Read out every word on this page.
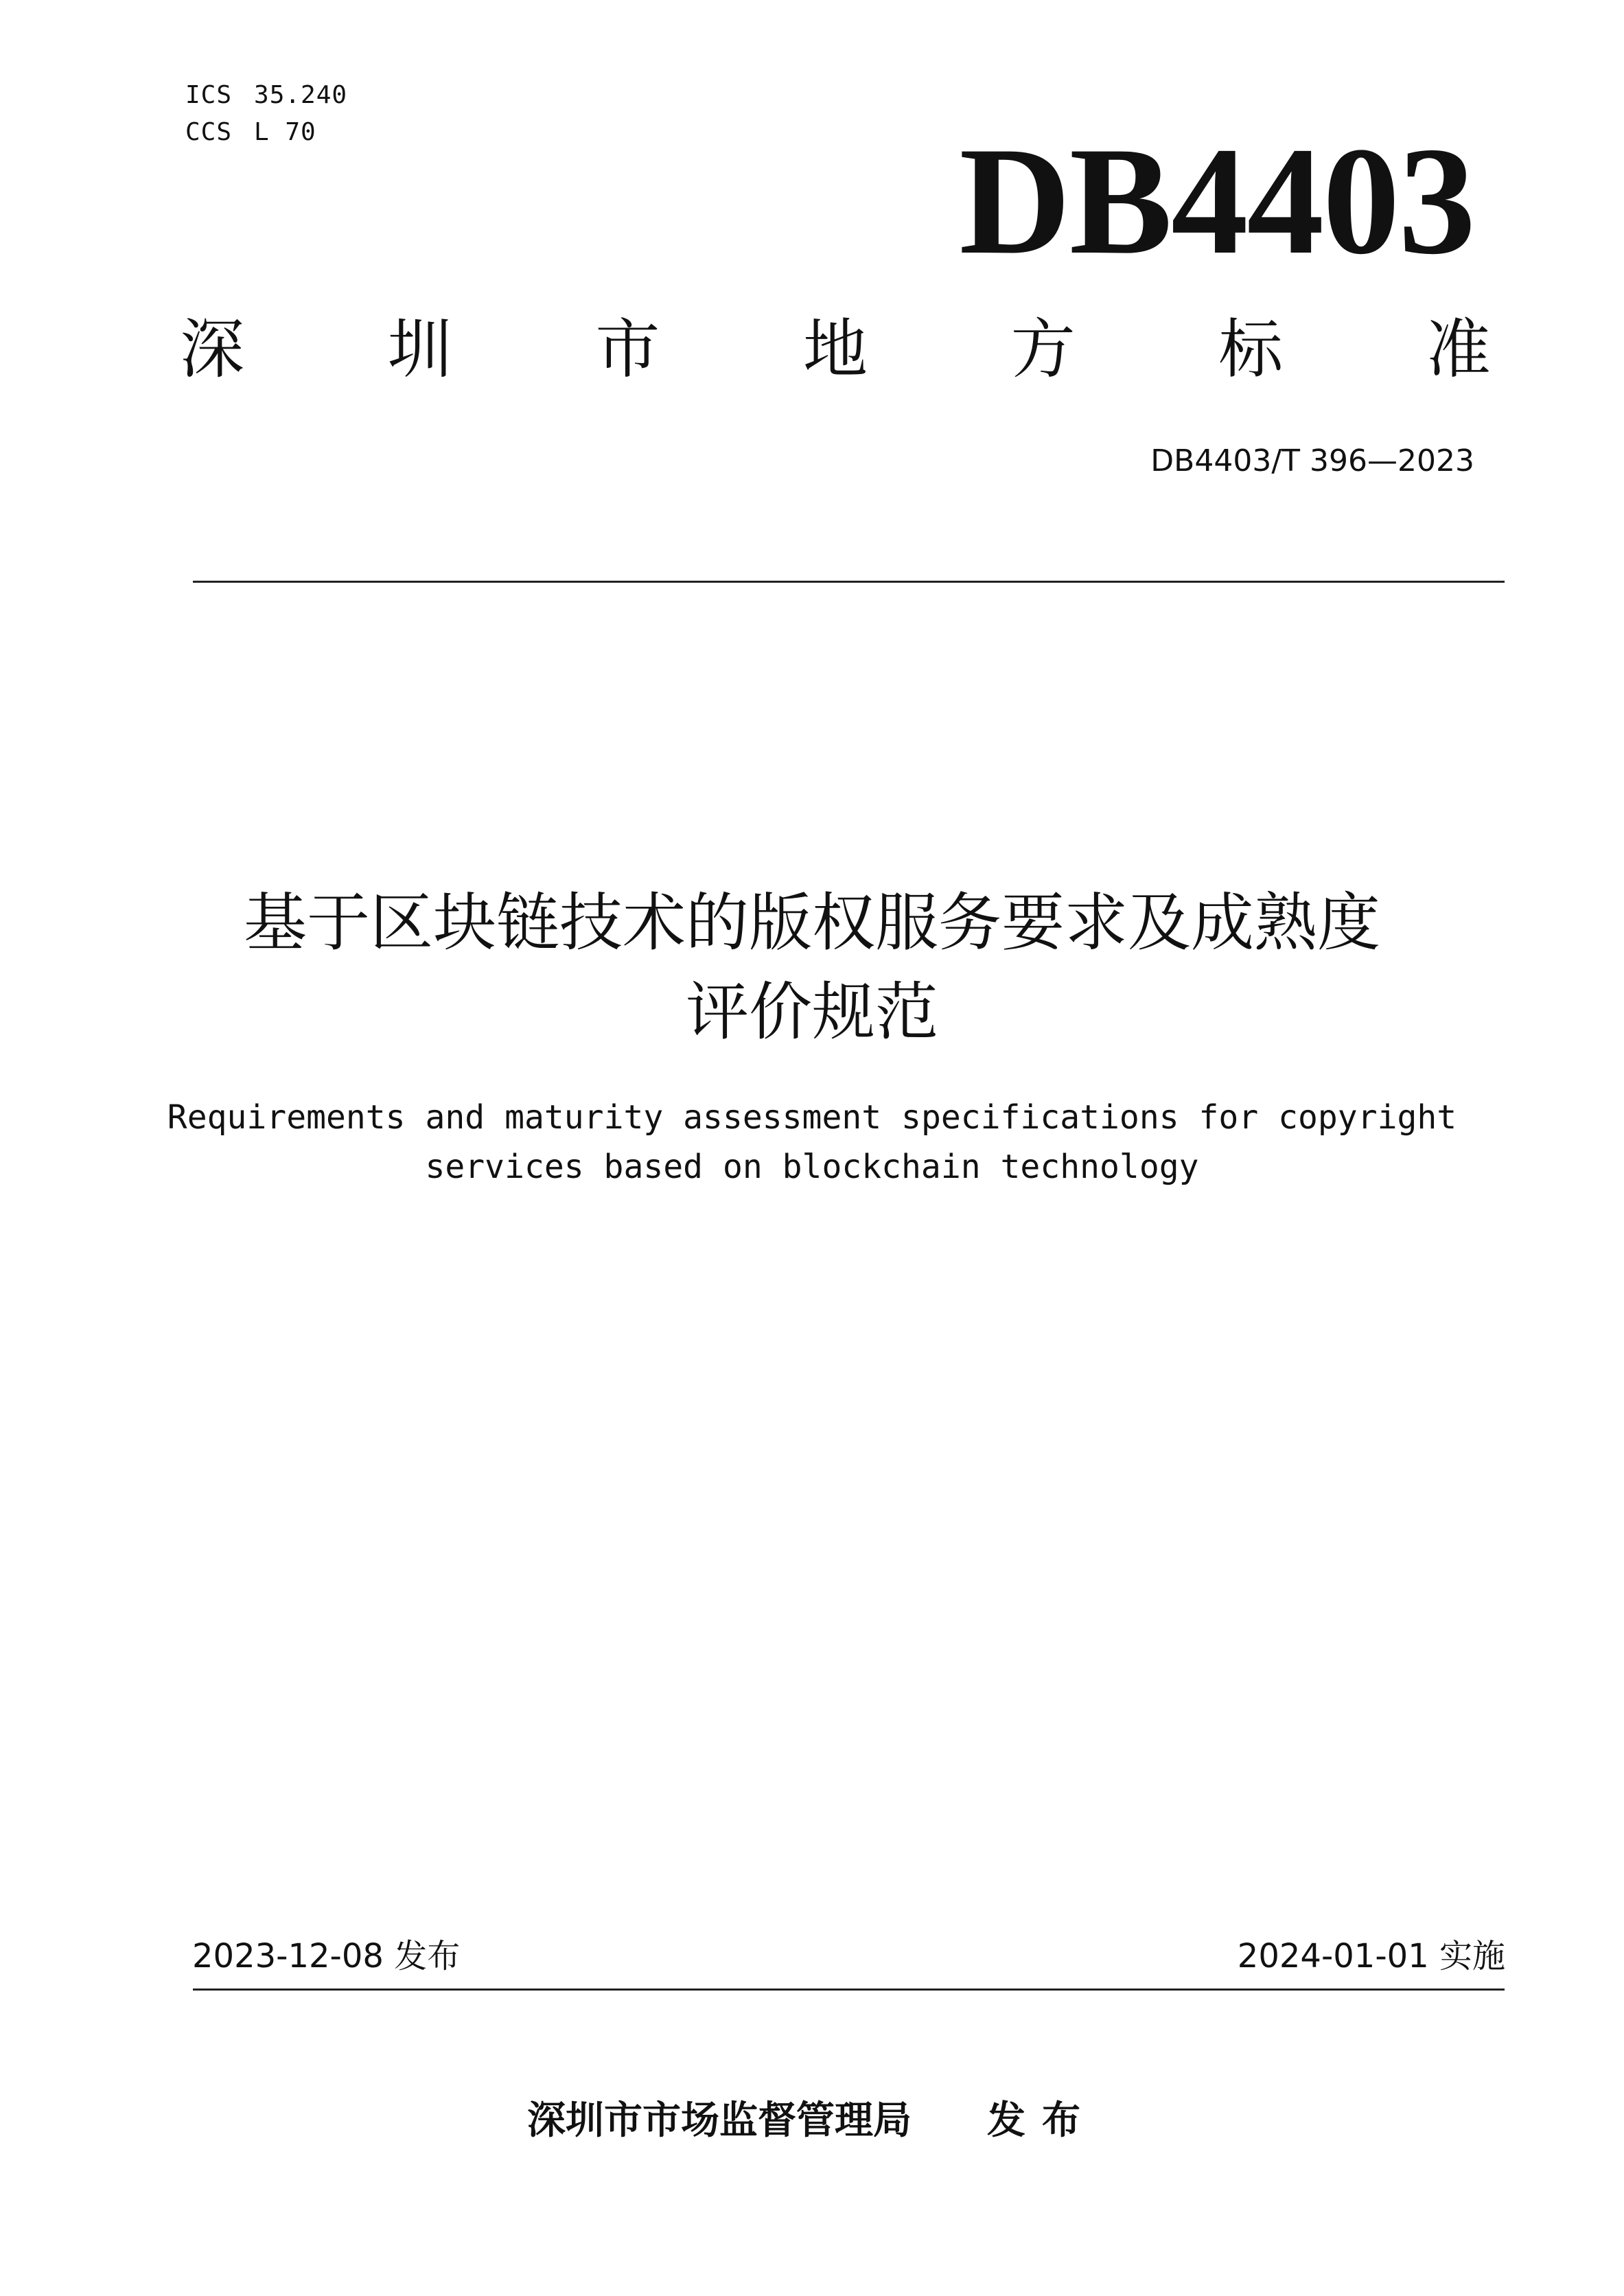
ICS 35.240
CCS L 70	DB4403
深 圳 市 地 方 标 准
DB4403/T 396—2023
基于区块链技术的版权服务要求及成熟度
评价规范
Requirements and maturity assessment specifications for copyright
services based on blockchain technology
2023-12-08 发布	2024-01-01 实施
深圳市市场监督管理局 发布
